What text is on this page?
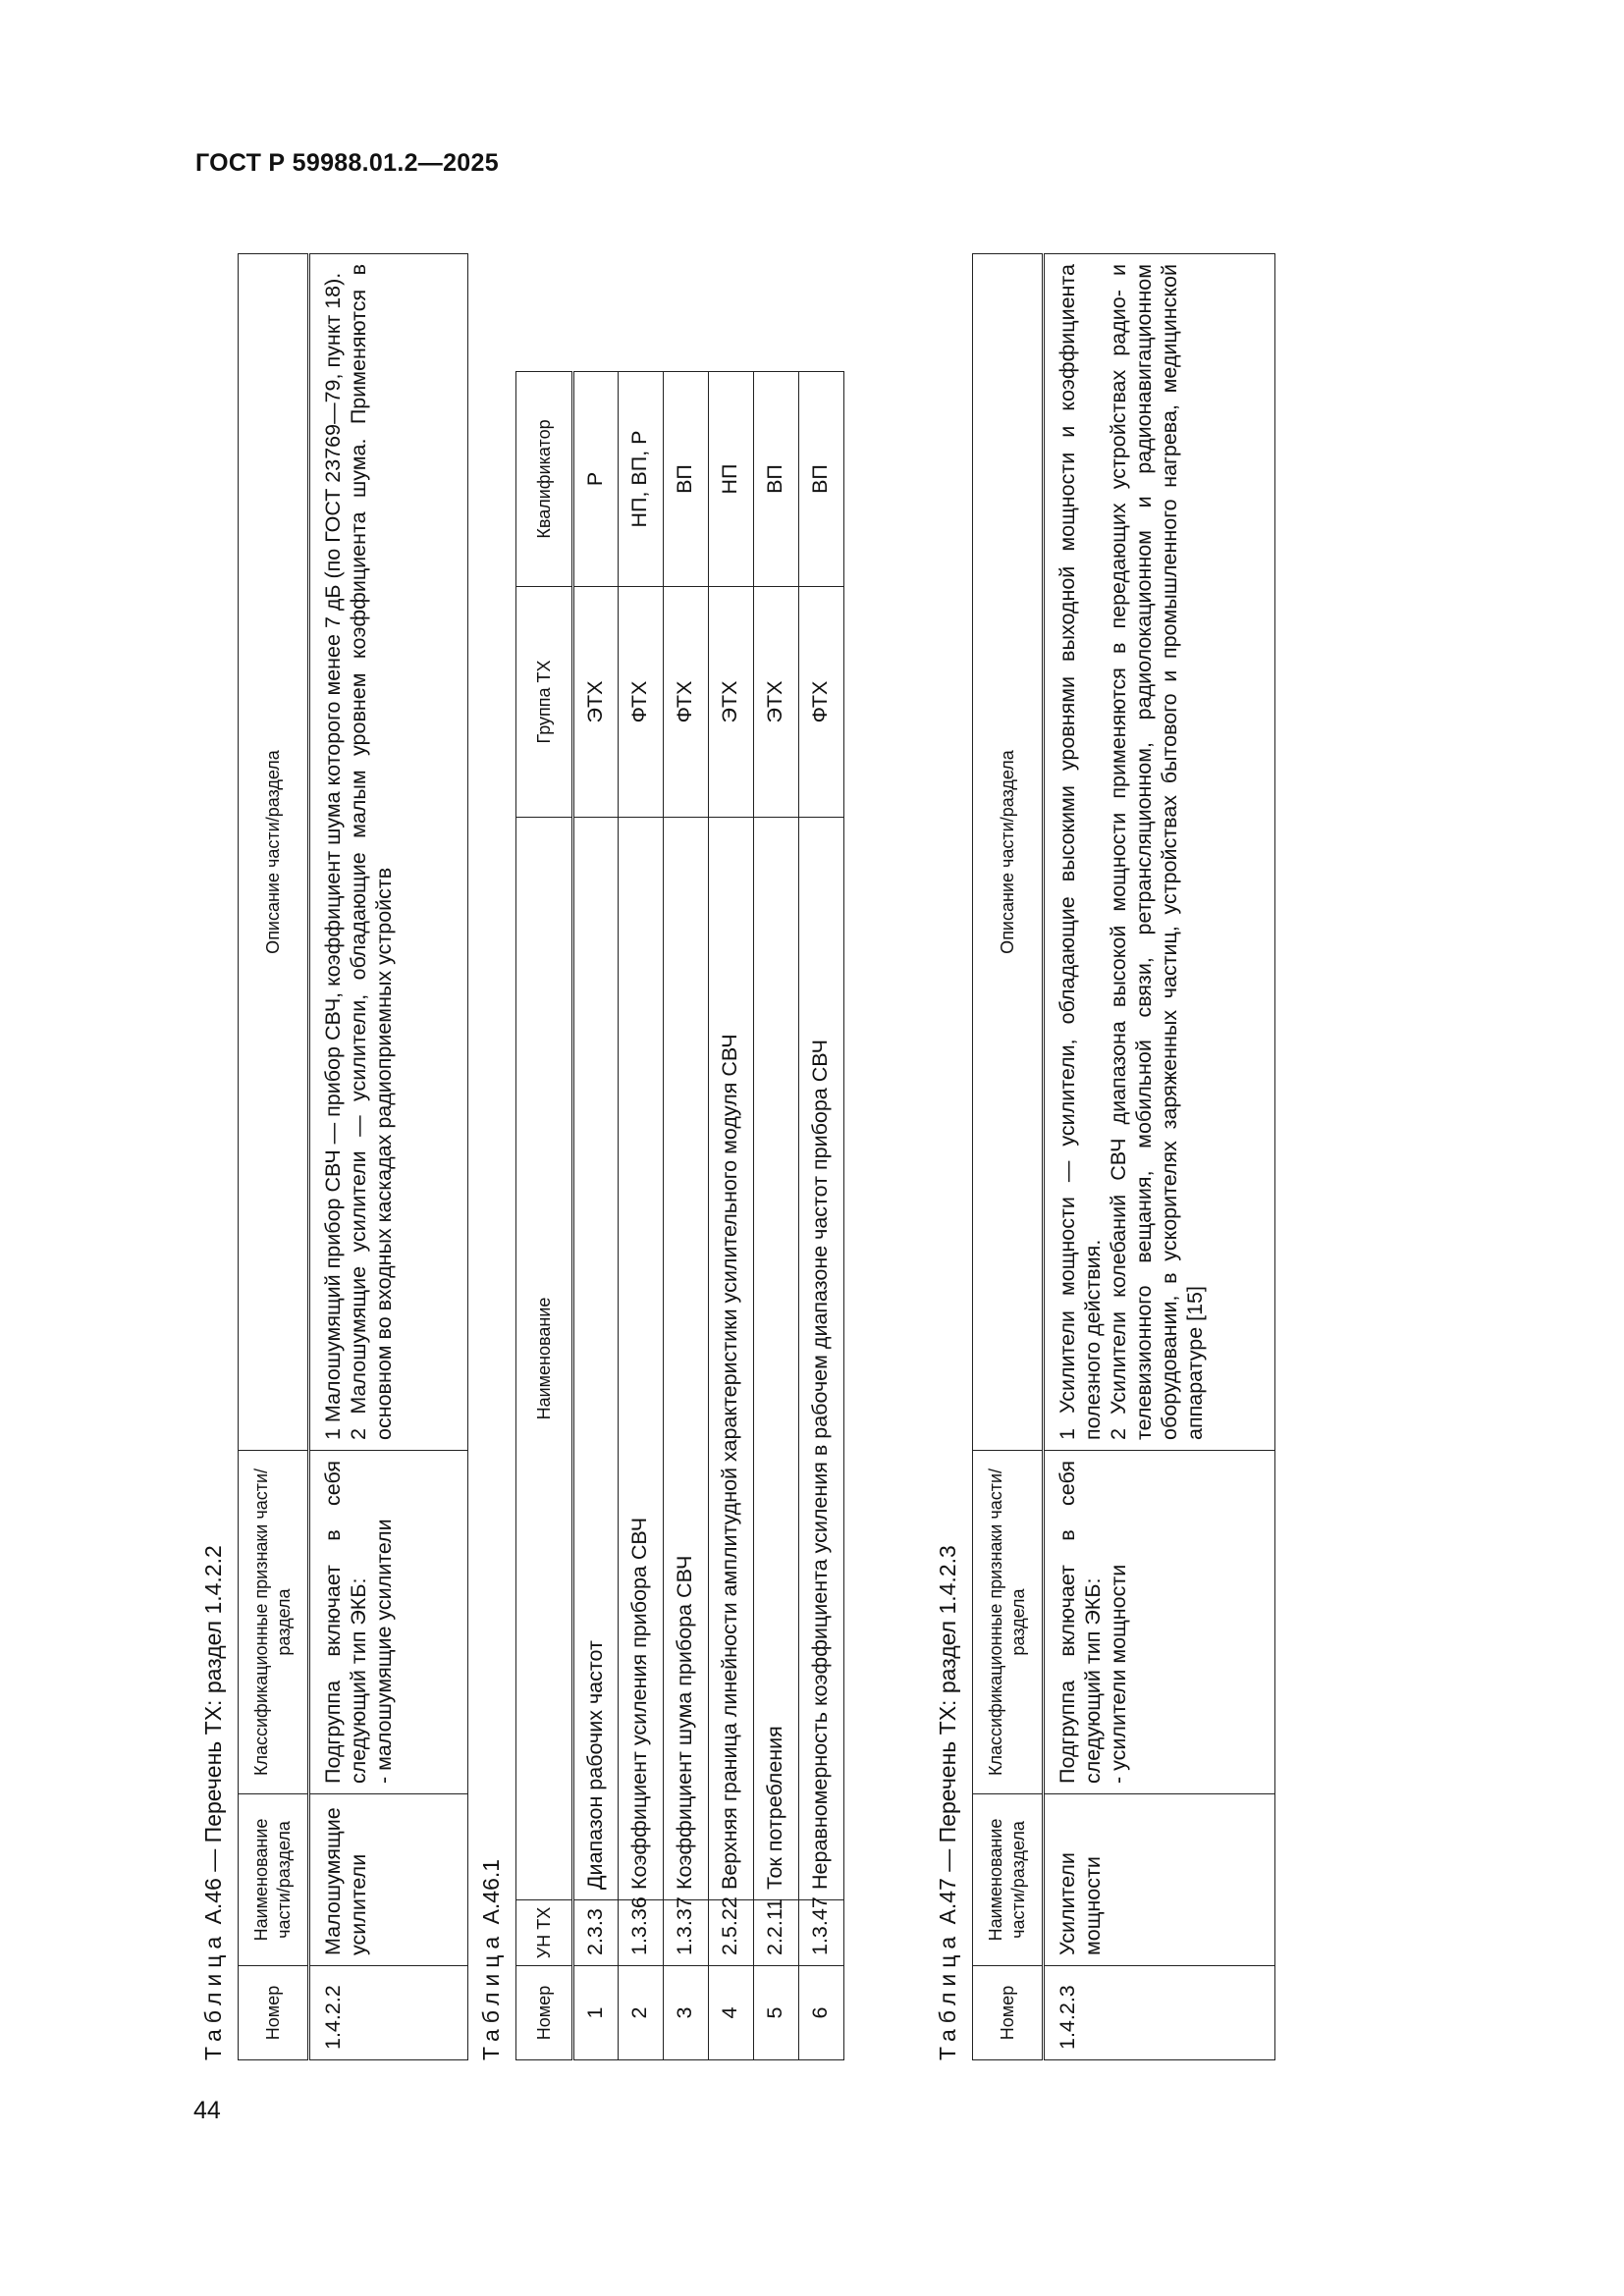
ГОСТ Р 59988.01.2—2025
44
Таблица А.46 — Перечень ТХ: раздел 1.4.2.2
Номер	Наименование части/раздела	Классификационные признаки части/раздела	Описание части/раздела
1.4.2.2	Малошумящие усилители	Подгруппа включает в себя следующий тип ЭКБ: - малошумящие усилители	1 Малошумящий прибор СВЧ — прибор СВЧ, коэффициент шума которого менее 7 дБ (по ГОСТ 23769—79, пункт 18). 2 Малошумящие усилители — усилители, обладающие малым уровнем коэффициента шума. Применяются в основном во входных каскадах радиоприемных устройств
Таблица А.46.1
Номер	УН ТХ	Наименование	Группа ТХ	Квалификатор
1	2.3.3	Диапазон рабочих частот	ЭТХ	Р
2	1.3.36	Коэффициент усиления прибора СВЧ	ФТХ	НП, ВП, Р
3	1.3.37	Коэффициент шума прибора СВЧ	ФТХ	ВП
4	2.5.22	Верхняя граница линейности амплитудной характеристики усилительного модуля СВЧ	ЭТХ	НП
5	2.2.11	Ток потребления	ЭТХ	ВП
6	1.3.47	Неравномерность коэффициента усиления в рабочем диапазоне частот прибора СВЧ	ФТХ	ВП
Таблица А.47 — Перечень ТХ: раздел 1.4.2.3
Номер	Наименование части/раздела	Классификационные признаки части/раздела	Описание части/раздела
1.4.2.3	Усилители мощности	Подгруппа включает в себя следующий тип ЭКБ: - усилители мощности	1 Усилители мощности — усилители, обладающие высокими уровнями выходной мощности и коэффициента полезного действия. 2 Усилители колебаний СВЧ диапазона высокой мощности применяются в передающих устройствах радио- и телевизионного вещания, мобильной связи, ретрансляционном, радиолокационном и радионавигационном оборудовании, в ускорителях заряженных частиц, устройствах бытового и промышленного нагрева, медицинской аппаратуре [15]
